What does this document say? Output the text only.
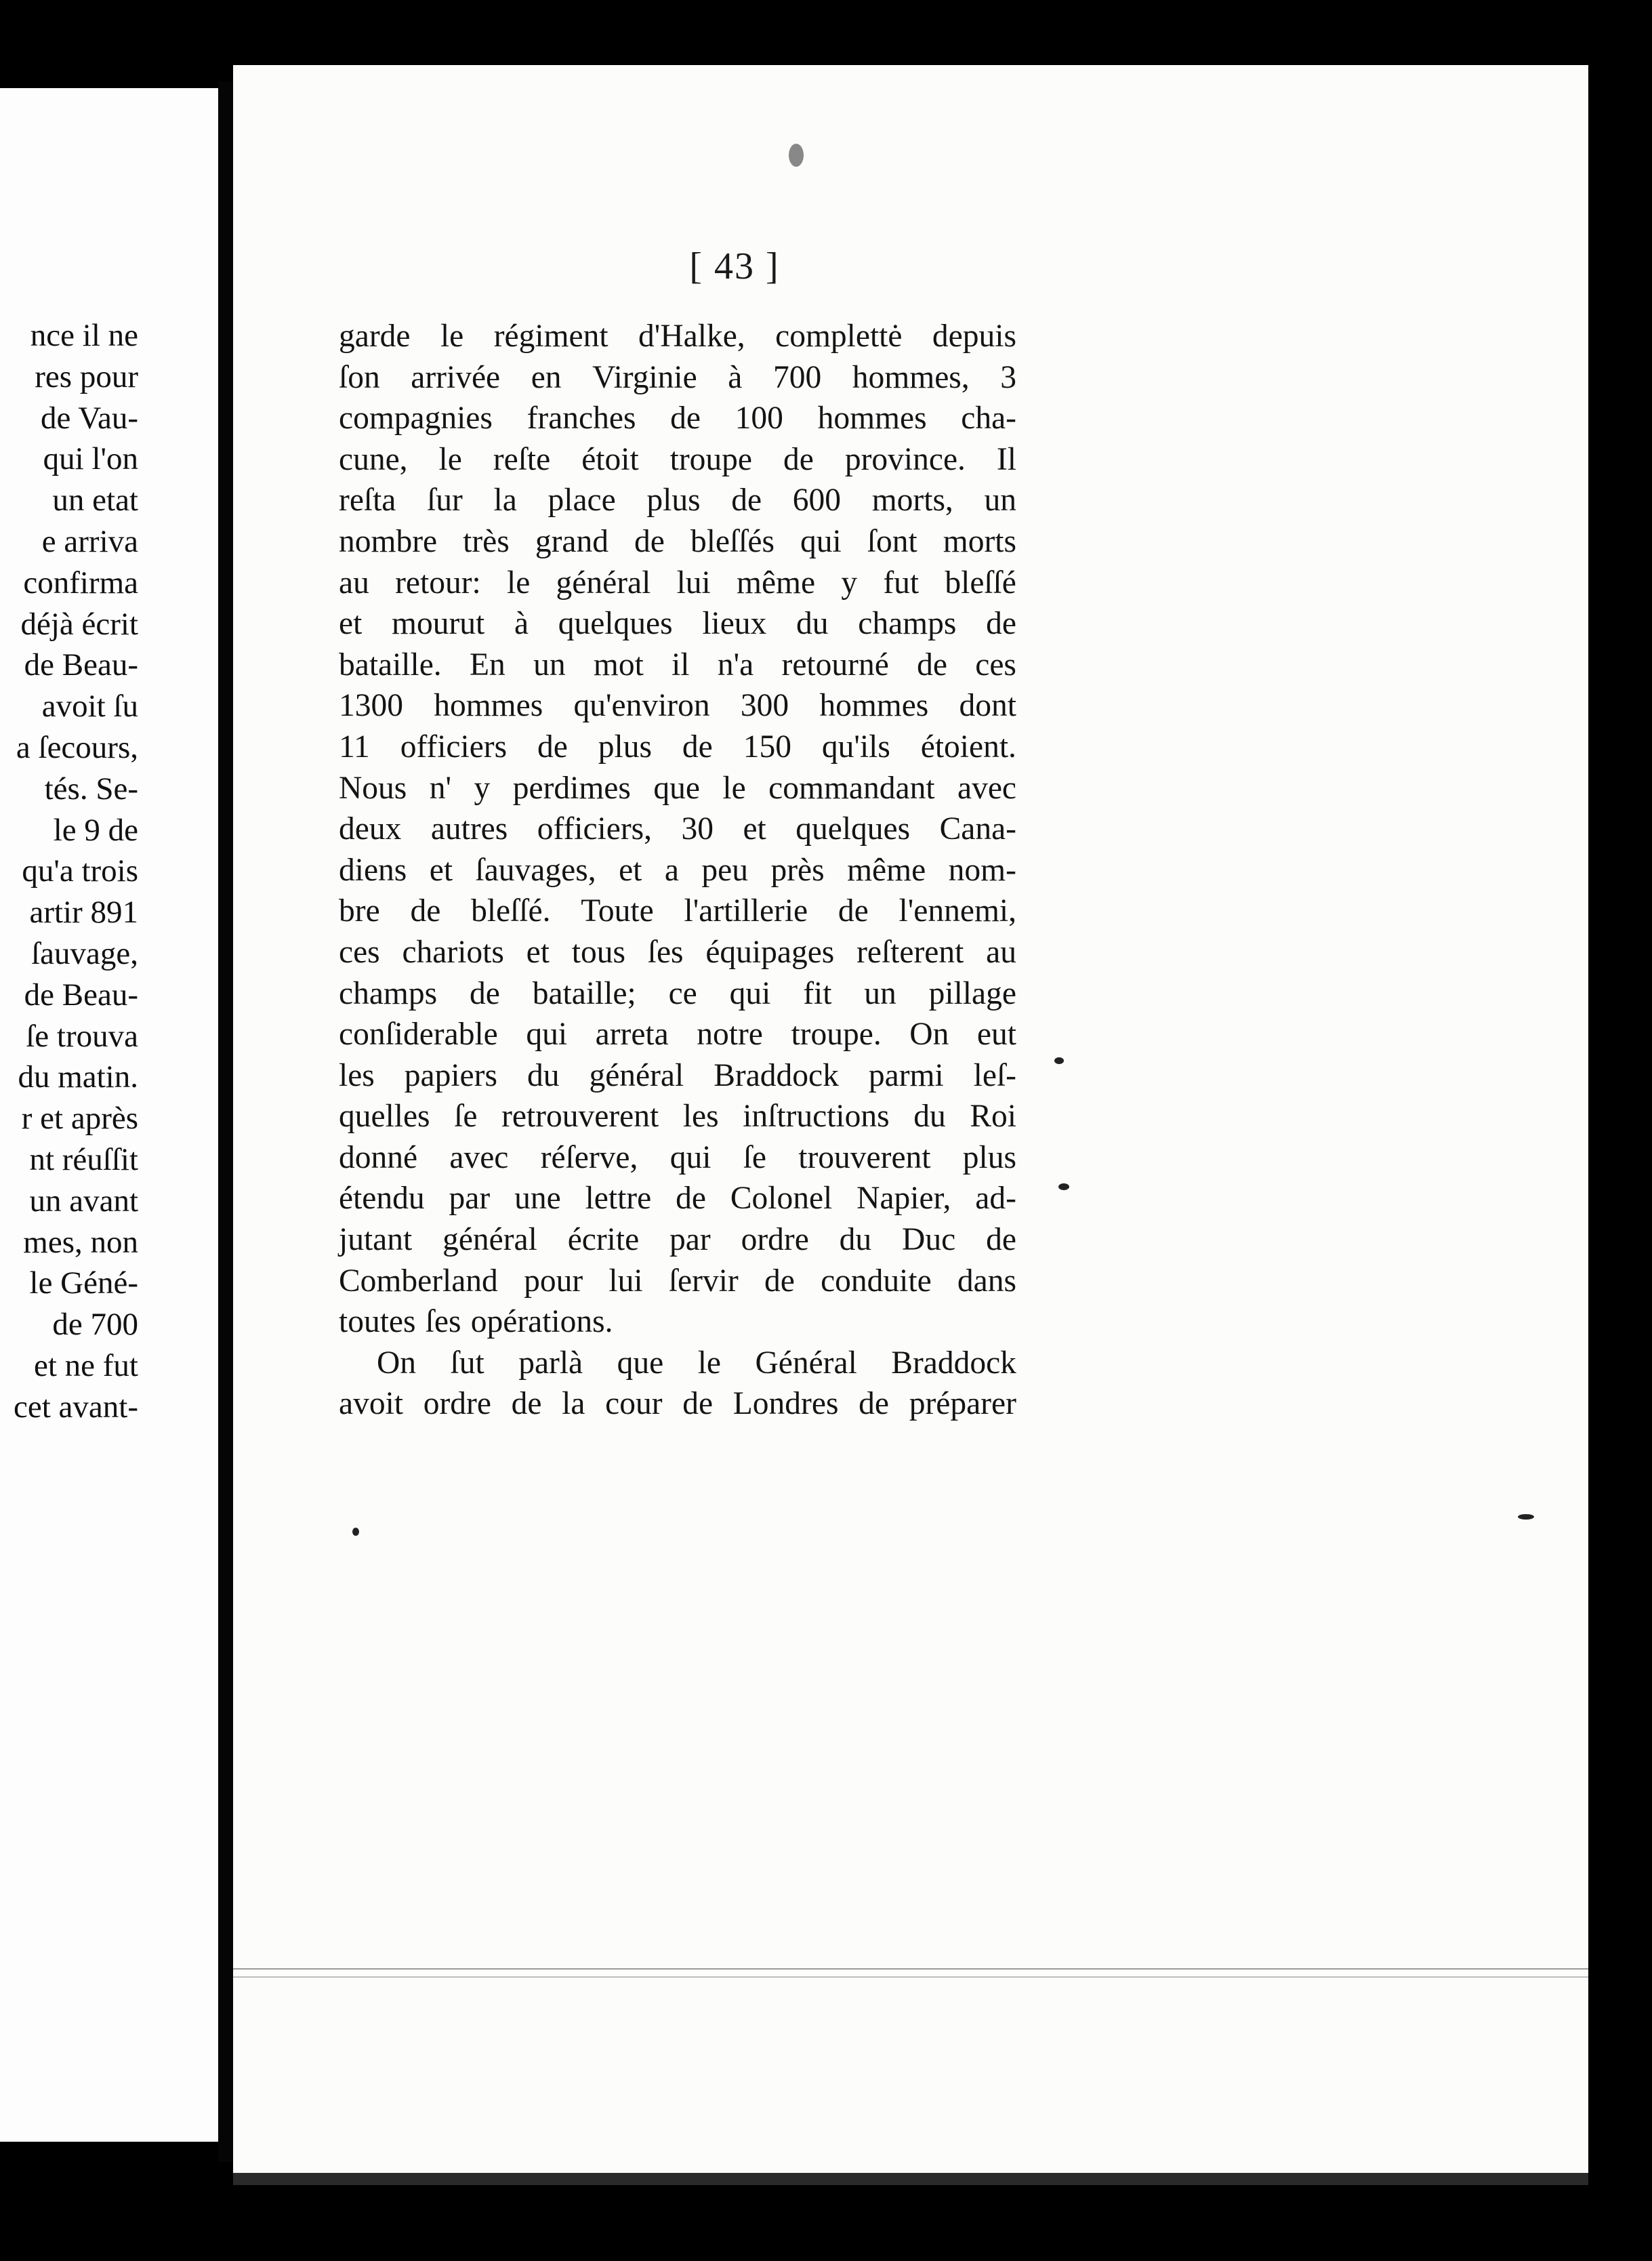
nce il ne
res pour
de Vau-
qui l'on
un etat
e arriva
confirma
déjà écrit
de Beau-
avoit ſu
a ſecours,
tés. Se-
le 9 de
qu'a trois
artir 891
ſauvage,
de Beau-
ſe trouva
du matin.
r et après
nt réuſſit
un avant
mes, non
le Géné-
de 700
et ne fut
cet avant-
[ 43 ]
garde le régiment d'Halke, complettė depuis
ſon arrivée en Virginie à 700 hommes, 3
compagnies franches de 100 hommes cha-
cune, le reſte étoit troupe de province. Il
reſta ſur la place plus de 600 morts, un
nombre très grand de bleſſés qui ſont morts
au retour: le général lui même y fut bleſſé
et mourut à quelques lieux du champs de
bataille. En un mot il n'a retourné de ces
1300 hommes qu'environ 300 hommes dont
11 officiers de plus de 150 qu'ils étoient.
Nous n' y perdimes que le commandant avec
deux autres officiers, 30 et quelques Cana-
diens et ſauvages, et a peu près même nom-
bre de bleſſé. Toute l'artillerie de l'ennemi,
ces chariots et tous ſes équipages reſterent au
champs de bataille; ce qui fit un pillage
conſiderable qui arreta notre troupe. On eut
les papiers du général Braddock parmi leſ-
quelles ſe retrouverent les inſtructions du Roi
donné avec réſerve, qui ſe trouverent plus
étendu par une lettre de Colonel Napier, ad-
jutant général écrite par ordre du Duc de
Comberland pour lui ſervir de conduite dans
toutes ſes opérations.
On ſut parlà que le Général Braddock
avoit ordre de la cour de Londres de préparer
